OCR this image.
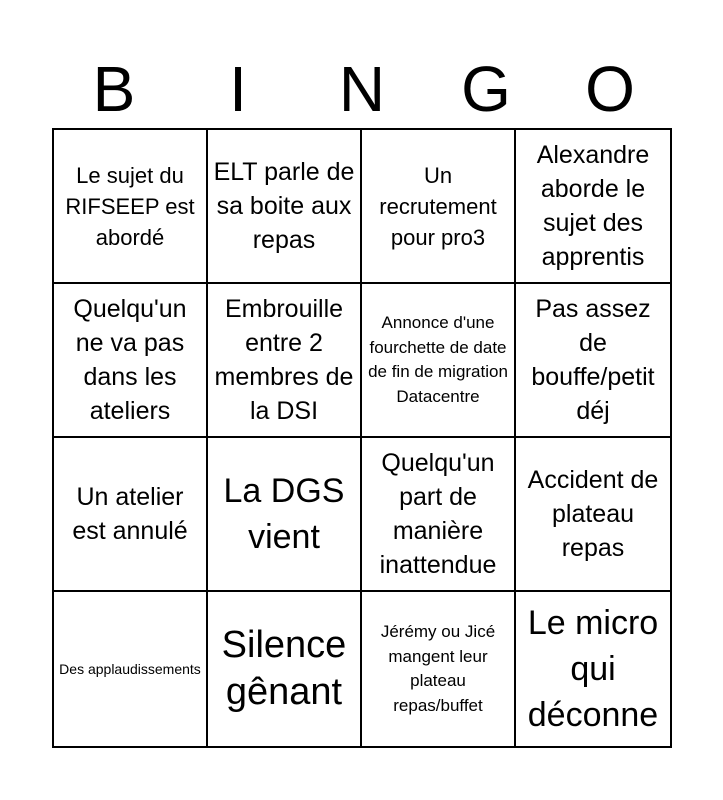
B	I	N	G	O
Le sujet du RIFSEEP est abordé
ELT parle de sa boite aux repas
Un recrutement pour pro3
Alexandre aborde le sujet des apprentis
Quelqu'un ne va pas dans les ateliers
Embrouille entre 2 membres de la DSI
Annonce d'une fourchette de date de fin de migration Datacentre
Pas assez de bouffe/petit déj
Un atelier est annulé
La DGS vient
Quelqu'un part de manière inattendue
Accident de plateau repas
Des applaudissements
Silence gênant
Jérémy ou Jicé mangent leur plateau repas/buffet
Le micro qui déconne
